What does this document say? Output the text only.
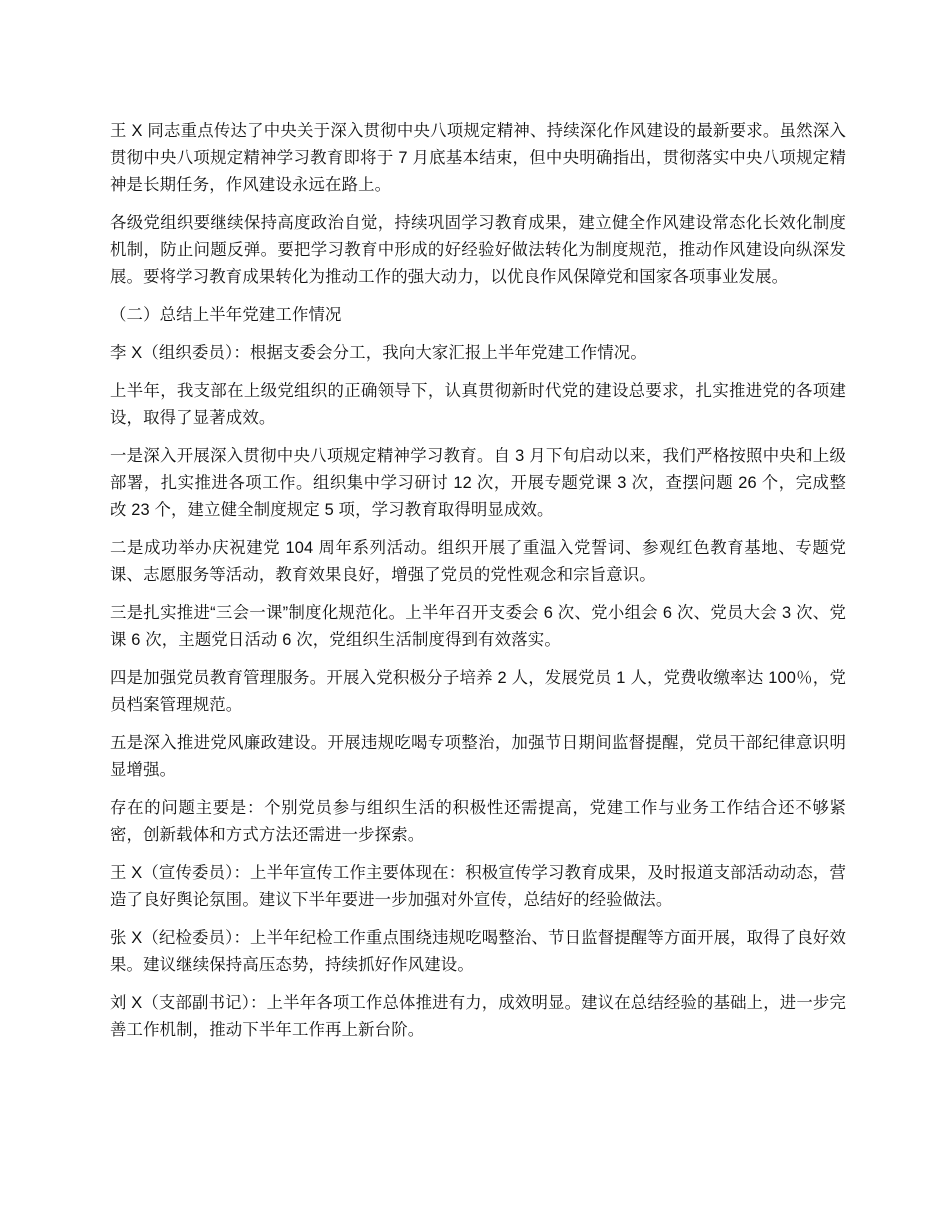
王 X 同志重点传达了中央关于深入贯彻中央八项规定精神、持续深化作风建设的最新要求。虽然深入贯彻中央八项规定精神学习教育即将于 7 月底基本结束，但中央明确指出，贯彻落实中央八项规定精神是长期任务，作风建设永远在路上。

各级党组织要继续保持高度政治自觉，持续巩固学习教育成果，建立健全作风建设常态化长效化制度机制，防止问题反弹。要把学习教育中形成的好经验好做法转化为制度规范，推动作风建设向纵深发展。要将学习教育成果转化为推动工作的强大动力，以优良作风保障党和国家各项事业发展。

（二）总结上半年党建工作情况

李 X（组织委员）：根据支委会分工，我向大家汇报上半年党建工作情况。

上半年，我支部在上级党组织的正确领导下，认真贯彻新时代党的建设总要求，扎实推进党的各项建设，取得了显著成效。

一是深入开展深入贯彻中央八项规定精神学习教育。自 3 月下旬启动以来，我们严格按照中央和上级部署，扎实推进各项工作。组织集中学习研讨 12 次，开展专题党课 3 次，查摆问题 26 个，完成整改 23 个，建立健全制度规定 5 项，学习教育取得明显成效。

二是成功举办庆祝建党 104 周年系列活动。组织开展了重温入党誓词、参观红色教育基地、专题党课、志愿服务等活动，教育效果良好，增强了党员的党性观念和宗旨意识。

三是扎实推进“三会一课”制度化规范化。上半年召开支委会 6 次、党小组会 6 次、党员大会 3 次、党课 6 次，主题党日活动 6 次，党组织生活制度得到有效落实。

四是加强党员教育管理服务。开展入党积极分子培养 2 人，发展党员 1 人，党费收缴率达 100％，党员档案管理规范。

五是深入推进党风廉政建设。开展违规吃喝专项整治，加强节日期间监督提醒，党员干部纪律意识明显增强。

存在的问题主要是：个别党员参与组织生活的积极性还需提高，党建工作与业务工作结合还不够紧密，创新载体和方式方法还需进一步探索。

王 X（宣传委员）：上半年宣传工作主要体现在：积极宣传学习教育成果，及时报道支部活动动态，营造了良好舆论氛围。建议下半年要进一步加强对外宣传，总结好的经验做法。

张 X（纪检委员）：上半年纪检工作重点围绕违规吃喝整治、节日监督提醒等方面开展，取得了良好效果。建议继续保持高压态势，持续抓好作风建设。

刘 X（支部副书记）：上半年各项工作总体推进有力，成效明显。建议在总结经验的基础上，进一步完善工作机制，推动下半年工作再上新台阶。
